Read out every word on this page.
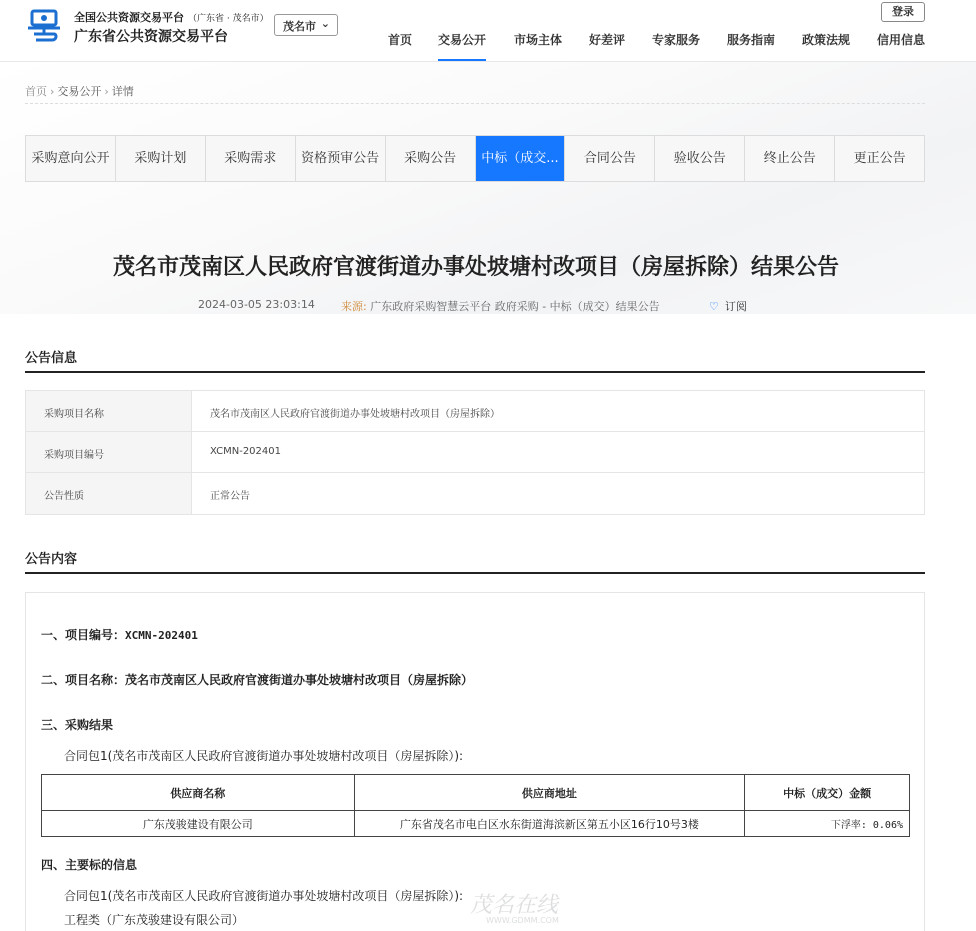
全国公共资源交易平台 （广东省 · 茂名市）
广东省公共资源交易平台
茂名市 ⌄
登录
首页 交易公开 市场主体 好差评 专家服务 服务指南 政策法规 信用信息
首页 › 交易公开 › 详情
采购意向公开	采购计划	采购需求	资格预审公告	采购公告	中标（成交...	合同公告	验收公告	终止公告	更正公告
茂名市茂南区人民政府官渡街道办事处坡塘村改项目（房屋拆除）结果公告
2024-03-05 23:03:14 来源: 广东政府采购智慧云平台 政府采购 - 中标（成交）结果公告	♡ 订阅
公告信息
采购项目名称	茂名市茂南区人民政府官渡街道办事处坡塘村改项目（房屋拆除）
采购项目编号	XCMN-202401
公告性质	正常公告
公告内容
一、项目编号：XCMN-202401
二、项目名称：茂名市茂南区人民政府官渡街道办事处坡塘村改项目（房屋拆除）
三、采购结果
合同包1(茂名市茂南区人民政府官渡街道办事处坡塘村改项目（房屋拆除）):
供应商名称	供应商地址	中标（成交）金额
广东茂骏建设有限公司	广东省茂名市电白区水东街道海滨新区第五小区16行10号3楼	下浮率: 0.06%
四、主要标的信息
合同包1(茂名市茂南区人民政府官渡街道办事处坡塘村改项目（房屋拆除）):
工程类（广东茂骏建设有限公司）
茂名在线
WWW.GDMM.COM
